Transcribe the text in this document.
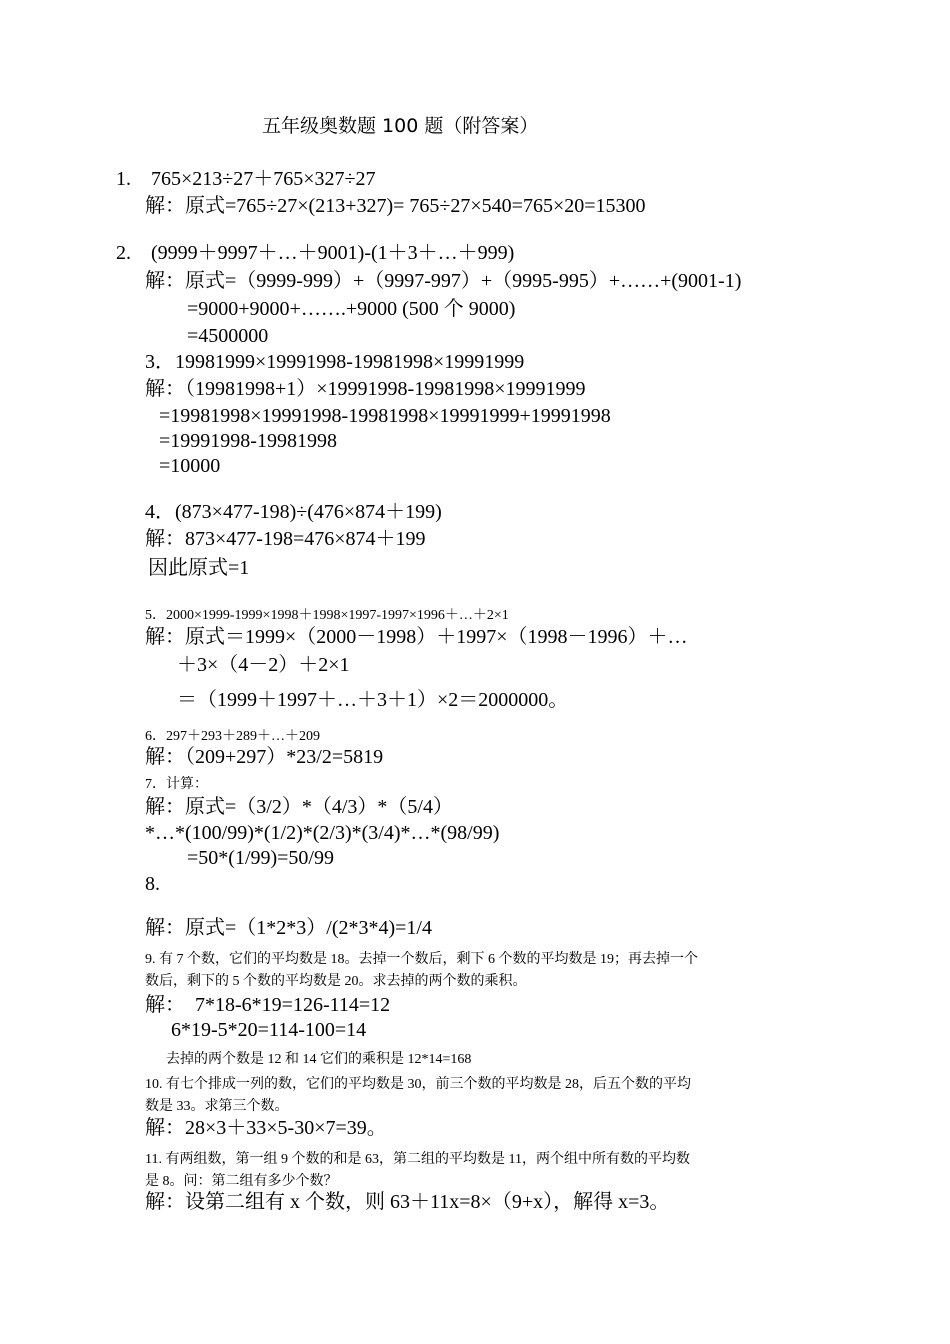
五年级奥数题 100 题（附答案）
1.    765×213÷27＋765×327÷27
解：原式=765÷27×(213+327)= 765÷27×540=765×20=15300
2.    (9999＋9997＋…＋9001)-(1＋3＋…＋999)
解：原式=（9999-999）+（9997-997）+（9995-995）+……+(9001-1)
=9000+9000+…….+9000 (500 个 9000)
=4500000
3．19981999×19991998-19981998×19991999
解：（19981998+1）×19991998-19981998×19991999
=19981998×19991998-19981998×19991999+19991998
=19991998-19981998
=10000
4．(873×477-198)÷(476×874＋199)
解：873×477-198=476×874＋199
因此原式=1
5．2000×1999-1999×1998＋1998×1997-1997×1996＋…＋2×1
解：原式＝1999×（2000－1998）＋1997×（1998－1996）＋…
＋3×（4－2）＋2×1
＝（1999＋1997＋…＋3＋1）×2＝2000000。
6．297＋293＋289＋…＋209
解：（209+297）*23/2=5819
7．计算：
解：原式=（3/2）*（4/3）*（5/4）
*…*(100/99)*(1/2)*(2/3)*(3/4)*…*(98/99)
=50*(1/99)=50/99
8.
解：原式=（1*2*3）/(2*3*4)=1/4
9. 有 7 个数，它们的平均数是 18。去掉一个数后，剩下 6 个数的平均数是 19；再去掉一个
数后，剩下的 5 个数的平均数是 20。求去掉的两个数的乘积。
解：  7*18-6*19=126-114=12
6*19-5*20=114-100=14
去掉的两个数是 12 和 14 它们的乘积是 12*14=168
10. 有七个排成一列的数，它们的平均数是 30，前三个数的平均数是 28，后五个数的平均
数是 33。求第三个数。
解：28×3＋33×5-30×7=39。
11. 有两组数，第一组 9 个数的和是 63，第二组的平均数是 11，两个组中所有数的平均数
是 8。问：第二组有多少个数？
解：设第二组有 x 个数，则 63＋11x=8×（9+x），解得 x=3。
